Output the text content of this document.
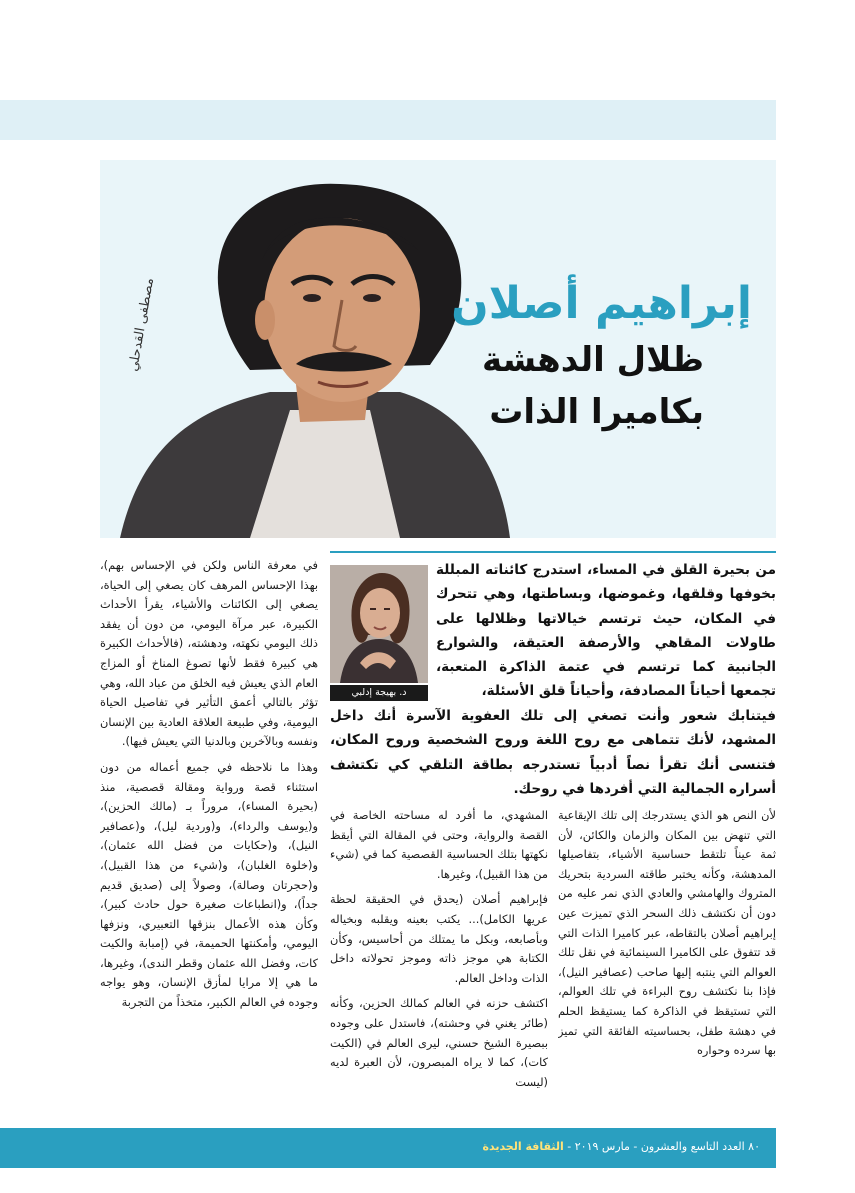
إبراهيم أصلان
ظلال الدهشة
بكاميرا الذات
مصطفى القدحلي

من بحيرة القلق في المساء، استدرج كائناته المبللة بخوفها وقلقها، وغموضها، وبساطتها، وهي تتحرك في المكان، حيث ترتسم خيالاتها وظلالها على طاولات المقاهي والأرصفة العتيقة، والشوارع الجانبية كما ترتسم في عتمة الذاكرة المتعبة، تجمعها أحياناً المصادفة، وأحياناً قلق الأسئلة،

فيتنابك شعور وأنت تصغي إلى تلك العفوية الآسرة أنك داخل المشهد، لأنك تتماهى مع روح اللغة وروح الشخصية وروح المكان، فتنسى أنك تقرأ نصاً أدبياً تستدرجه بطاقة التلقي كي تكتشف أسراره الجمالية التي أفردها في روحك.

د. بهيجة إدلبي

لأن النص هو الذي يستدرجك إلى تلك الإيقاعية التي تنهض بين المكان والزمان والكائن، لأن ثمة عيناً تلتقط حساسية الأشياء، بتفاصيلها المدهشة، وكأنه يختبر طاقته السردية بتحريك المتروك والهامشي والعادي الذي نمر عليه من دون أن نكتشف ذلك السحر الذي تميزت عين إبراهيم أصلان بالتقاطه، عبر كاميرا الذات التي قد تتفوق على الكاميرا السينمائية في نقل تلك العوالم التي ينتبه إليها صاحب (عصافير النيل)، فإذا بنا نكتشف روح البراءة في تلك العوالم، التي تستيقظ في الذاكرة كما يستيقظ الحلم في دهشة طفل، بحساسيته الفائقة التي تميز بها سرده وحواره

المشهدي، ما أفرد له مساحته الخاصة في القصة والرواية، وحتى في المقالة التي أيقظ نكهتها بتلك الحساسية القصصية كما في (شيء من هذا القبيل)، وغيرها.

فإبراهيم أصلان (يحدق في الحقيقة لحظة عريها الكامل)... يكتب بعينه ويقلبه وبخياله وبأصابعه، وبكل ما يمتلك من أحاسيس، وكأن الكتابة هي موجز ذاته وموجز تحولاته داخل الذات وداخل العالم.

اكتشف حزنه في العالم كمالك الحزين، وكأنه (طائر يغني في وحشته)، فاستدل على وجوده ببصيرة الشيخ حسني، ليرى العالم في (الكيت كات)، كما لا يراه المبصرون، لأن العبرة لديه (ليست

في معرفة الناس ولكن في الإحساس بهم)، بهذا الإحساس المرهف كان يصغي إلى الحياة، يصغي إلى الكائنات والأشياء، يقرأ الأحداث الكبيرة، عبر مرآة اليومي، من دون أن يفقد ذلك اليومي نكهته، ودهشته، (فالأحداث الكبيرة هي كبيرة فقط لأنها تصوغ المناخ أو المزاج العام الذي يعيش فيه الخلق من عباد الله، وهي تؤثر بالتالي أعمق التأثير في تفاصيل الحياة اليومية، وفي طبيعة العلاقة العادية بين الإنسان ونفسه وبالآخرين وبالدنيا التي يعيش فيها).

وهذا ما نلاحظه في جميع أعماله من دون استثناء قصة ورواية ومقالة قصصية، منذ (بحيرة المساء)، مروراً بـ (مالك الحزين)، و(يوسف والرداء)، و(وردية ليل)، و(عصافير النيل)، و(حكايات من فضل الله عثمان)، و(خلوة الغلبان)، و(شيء من هذا القبيل)، و(حجرتان وصالة)، وصولاً إلى (صديق قديم جداً)، و(انطباعات صغيرة حول حادث كبير)، وكأن هذه الأعمال بنزقها التعبيري، ونزفها اليومي، وأمكنتها الحميمة، في (إمبابة والكيت كات، وفضل الله عثمان وقطر الندى)، وغيرها، ما هي إلا مرايا لمأزق الإنسان، وهو يواجه وجوده في العالم الكبير، متخذاً من التجربة

٨٠ العدد التاسع والعشرون - مارس ٢٠١٩ - الثقافة الجديدة
